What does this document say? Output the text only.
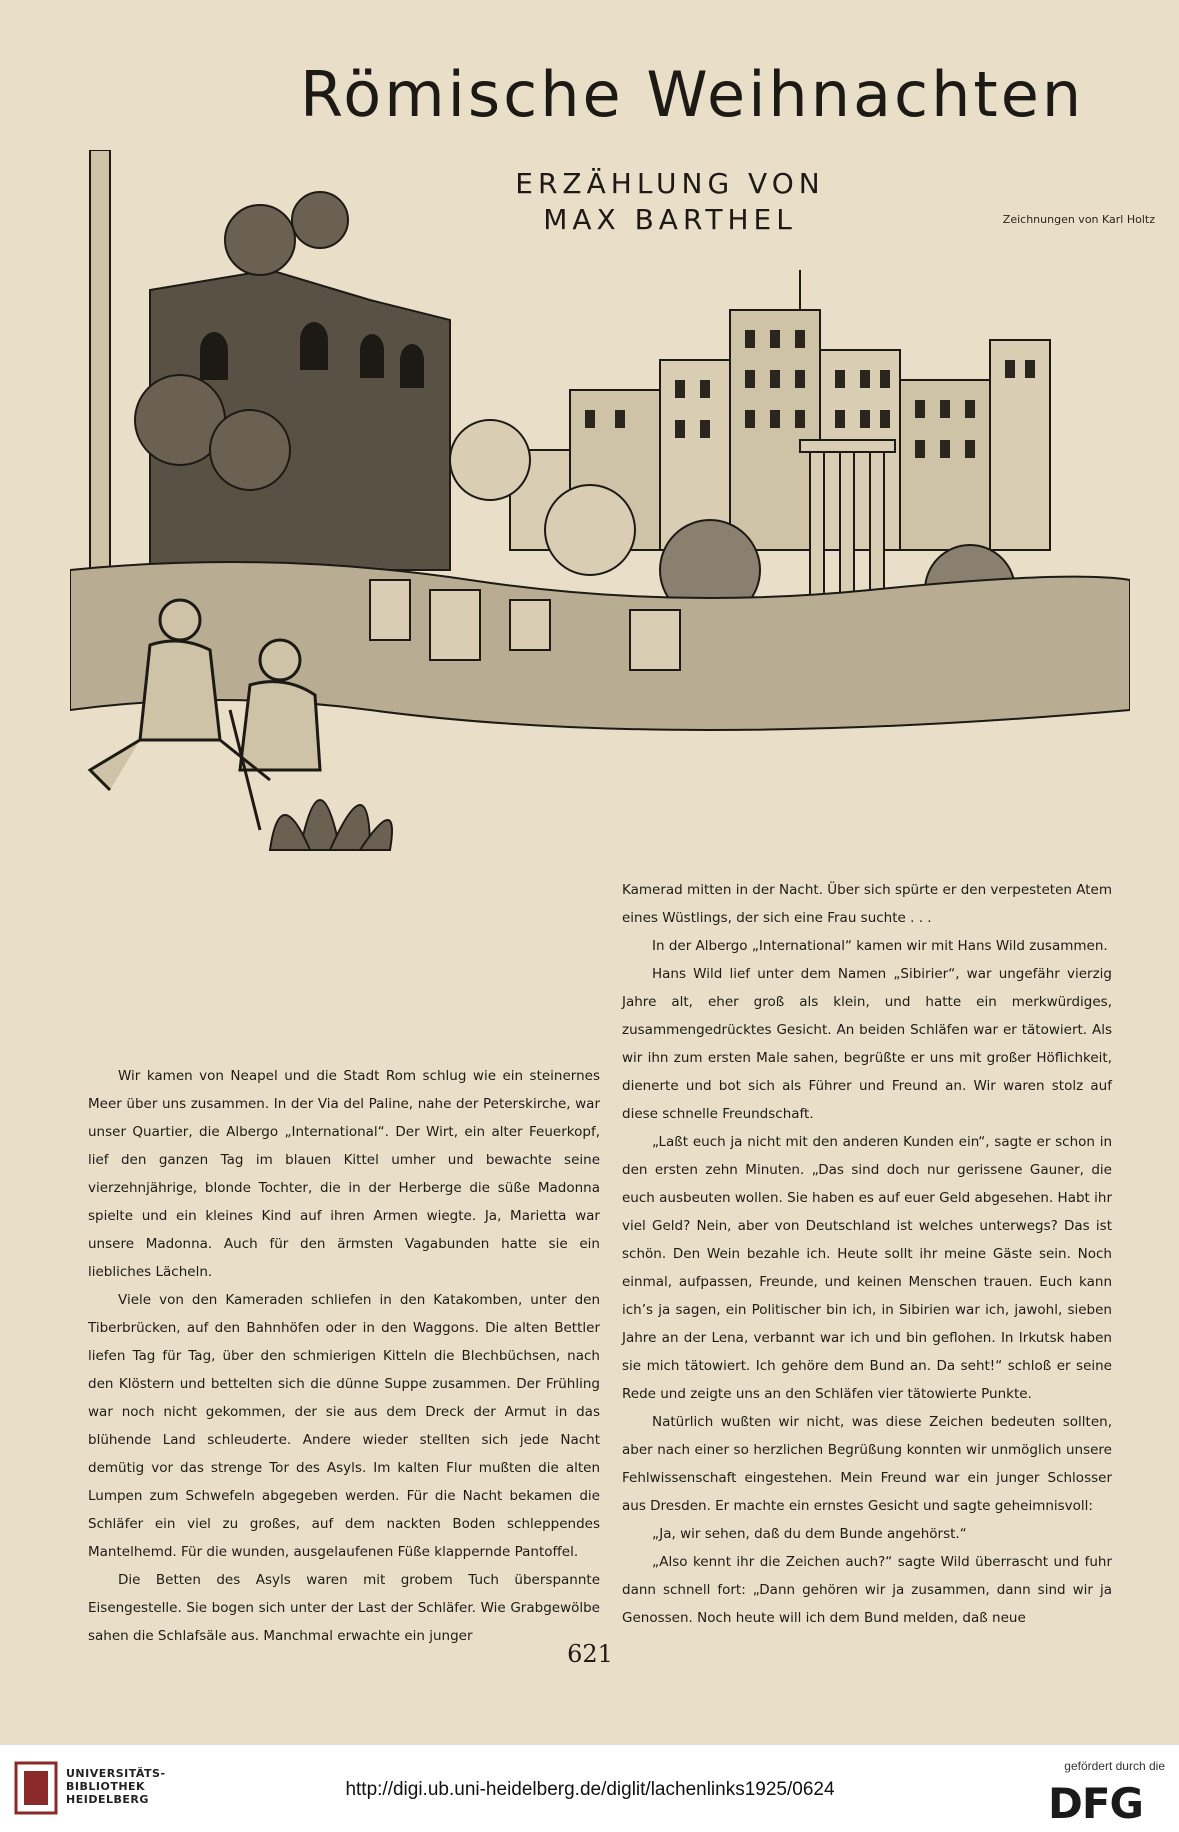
Römische Weihnachten
ERZÄHLUNG VON
MAX BARTHEL	Zeichnungen von Karl Holtz

Wir kamen von Neapel und die Stadt Rom schlug wie ein steinernes Meer über uns zusammen. In der Via del Paline, nahe der Peterskirche, war unser Quartier, die Albergo „International“. Der Wirt, ein alter Feuerkopf, lief den ganzen Tag im blauen Kittel umher und bewachte seine vierzehnjährige, blonde Tochter, die in der Herberge die süße Madonna spielte und ein kleines Kind auf ihren Armen wiegte. Ja, Marietta war unsere Madonna. Auch für den ärmsten Vagabunden hatte sie ein liebliches Lächeln.

Viele von den Kameraden schliefen in den Katakomben, unter den Tiberbrücken, auf den Bahnhöfen oder in den Waggons. Die alten Bettler liefen Tag für Tag, über den schmierigen Kitteln die Blechbüchsen, nach den Klöstern und bettelten sich die dünne Suppe zusammen. Der Frühling war noch nicht gekommen, der sie aus dem Dreck der Armut in das blühende Land schleuderte. Andere wieder stellten sich jede Nacht demütig vor das strenge Tor des Asyls. Im kalten Flur mußten die alten Lumpen zum Schwefeln abgegeben werden. Für die Nacht bekamen die Schläfer ein viel zu großes, auf dem nackten Boden schleppendes Mantelhemd. Für die wunden, ausgelaufenen Füße klappernde Pantoffel.

Die Betten des Asyls waren mit grobem Tuch überspannte Eisengestelle. Sie bogen sich unter der Last der Schläfer. Wie Grabgewölbe sahen die Schlafsäle aus. Manchmal erwachte ein junger

Kamerad mitten in der Nacht. Über sich spürte er den verpesteten Atem eines Wüstlings, der sich eine Frau suchte . . .

In der Albergo „International“ kamen wir mit Hans Wild zusammen.

Hans Wild lief unter dem Namen „Sibirier“, war ungefähr vierzig Jahre alt, eher groß als klein, und hatte ein merkwürdiges, zusammengedrücktes Gesicht. An beiden Schläfen war er tätowiert. Als wir ihn zum ersten Male sahen, begrüßte er uns mit großer Höflichkeit, dienerte und bot sich als Führer und Freund an. Wir waren stolz auf diese schnelle Freundschaft.

„Laßt euch ja nicht mit den anderen Kunden ein“, sagte er schon in den ersten zehn Minuten. „Das sind doch nur gerissene Gauner, die euch ausbeuten wollen. Sie haben es auf euer Geld abgesehen. Habt ihr viel Geld? Nein, aber von Deutschland ist welches unterwegs? Das ist schön. Den Wein bezahle ich. Heute sollt ihr meine Gäste sein. Noch einmal, aufpassen, Freunde, und keinen Menschen trauen. Euch kann ich’s ja sagen, ein Politischer bin ich, in Sibirien war ich, jawohl, sieben Jahre an der Lena, verbannt war ich und bin geflohen. In Irkutsk haben sie mich tätowiert. Ich gehöre dem Bund an. Da seht!“ schloß er seine Rede und zeigte uns an den Schläfen vier tätowierte Punkte.

Natürlich wußten wir nicht, was diese Zeichen bedeuten sollten, aber nach einer so herzlichen Begrüßung konnten wir unmöglich unsere Fehlwissenschaft eingestehen. Mein Freund war ein junger Schlosser aus Dresden. Er machte ein ernstes Gesicht und sagte geheimnisvoll:

„Ja, wir sehen, daß du dem Bunde angehörst.“

„Also kennt ihr die Zeichen auch?“ sagte Wild überrascht und fuhr dann schnell fort: „Dann gehören wir ja zusammen, dann sind wir ja Genossen. Noch heute will ich dem Bund melden, daß neue

621
UNIVERSITÄTS-
BIBLIOTHEK
HEIDELBERG	http://digi.ub.uni-heidelberg.de/diglit/lachenlinks1925/0624
gefördert durch die
DFG
